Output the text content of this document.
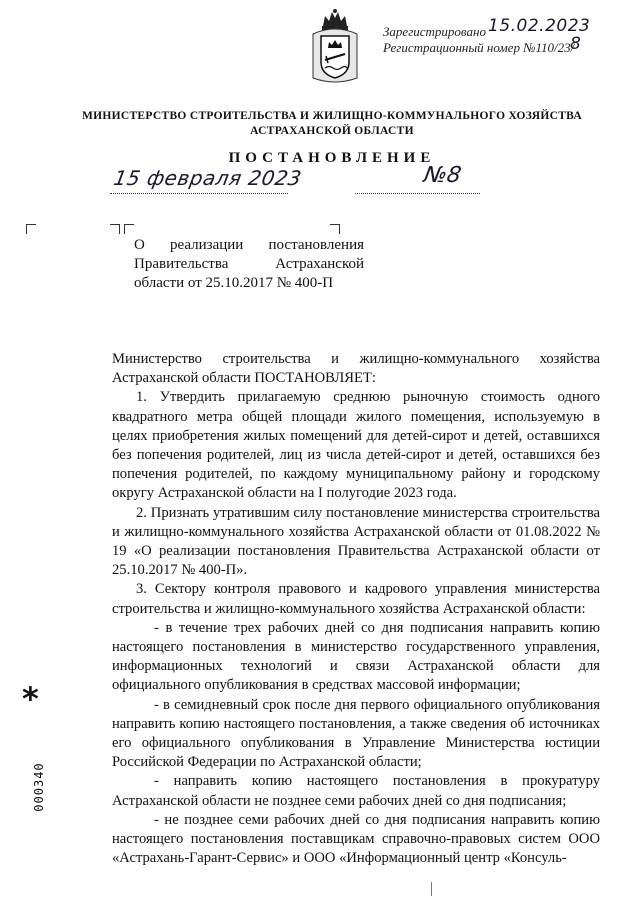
Зарегистрировано 15.02.2023
Регистрационный номер №110/23/
8
МИНИСТЕРСТВО СТРОИТЕЛЬСТВА И ЖИЛИЩНО-КОММУНАЛЬНОГО ХОЗЯЙСТВА
АСТРАХАНСКОЙ ОБЛАСТИ
ПОСТАНОВЛЕНИЕ
15 февраля 2023	№8
О реализации постановления
Правительства Астраханской
области от 25.10.2017 № 400-П

Министерство строительства и жилищно-коммунального хозяйства Астраханской области ПОСТАНОВЛЯЕТ:

1. Утвердить прилагаемую среднюю рыночную стоимость одного квадратного метра общей площади жилого помещения, используемую в целях приобретения жилых помещений для детей-сирот и детей, оставшихся без попечения родителей, лиц из числа детей-сирот и детей, оставшихся без попечения родителей, по каждому муниципальному району и городскому округу Астраханской области на I полугодие 2023 года.

2. Признать утратившим силу постановление министерства строительства и жилищно-коммунального хозяйства Астраханской области от 01.08.2022 № 19 «О реализации постановления Правительства Астраханской области от 25.10.2017 № 400-П».

3. Сектору контроля правового и кадрового управления министерства строительства и жилищно-коммунального хозяйства Астраханской области:

- в течение трех рабочих дней со дня подписания направить копию настоящего постановления в министерство государственного управления, информационных технологий и связи Астраханской области для официального опубликования в средствах массовой информации;

- в семидневный срок после дня первого официального опубликования направить копию настоящего постановления, а также сведения об источниках его официального опубликования в Управление Министерства юстиции Российской Федерации по Астраханской области;

- направить копию настоящего постановления в прокуратуру Астраханской области не позднее семи рабочих дней со дня подписания;

- не позднее семи рабочих дней со дня подписания направить копию настоящего постановления поставщикам справочно-правовых систем ООО «Астрахань-Гарант-Сервис» и ООО «Информационный центр «Консуль-

*
000340
